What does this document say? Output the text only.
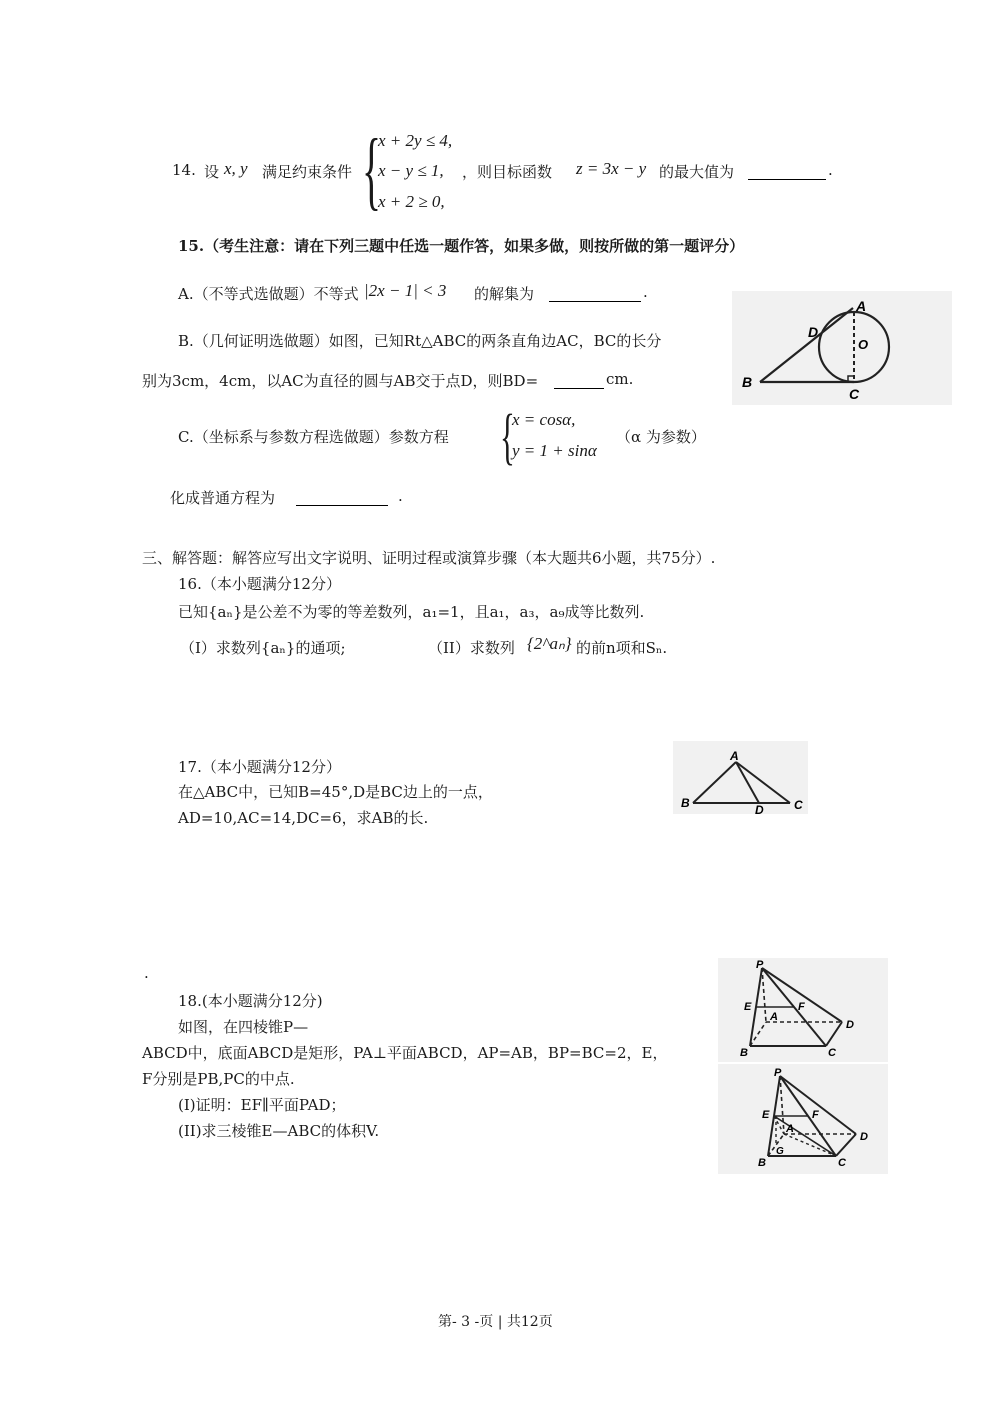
14. 设 x, y 满足约束条件 {
x + 2y ≤ 4,
x − y ≤ 1,
x + 2 ≥ 0,
，则目标函数 z = 3x − y 的最大值为	.
15.（考生注意：请在下列三题中任选一题作答，如果多做，则按所做的第一题评分）
A.（不等式选做题）不等式 |2x − 1| < 3 的解集为	.
B.（几何证明选做题）如图，已知Rt△ABC的两条直角边AC，BC的长分
别为3cm，4cm，以AC为直径的圆与AB交于点D，则BD=	cm.
A
B
C
D
O
C.（坐标系与参数方程选做题）参数方程 {
x = cosα,
y = 1 + sinα
（α 为参数）
化成普通方程为	.
三、解答题：解答应写出文字说明、证明过程或演算步骤（本大题共6小题，共75分）.
16.（本小题满分12分）
已知{aₙ}是公差不为零的等差数列，a₁=1，且a₁，a₃，a₉成等比数列.
（I）求数列{aₙ}的通项;	（II）求数列 {2^aₙ} 的前n项和Sₙ.
17.（本小题满分12分）
在△ABC中，已知B=45°,D是BC边上的一点，
AD=10,AC=14,DC=6，求AB的长.
A
B	C
D
.
18.(本小题满分12分)
如图，在四棱锥P—
ABCD中，底面ABCD是矩形，PA⊥平面ABCD，AP=AB，BP=BC=2，E，
F分别是PB,PC的中点.
(I)证明：EF∥平面PAD；
(II)求三棱锥E—ABC的体积V.
P
E	F
A
B	C
D
P
E	F
A
G
B	C
D
第- 3 -页 | 共12页
